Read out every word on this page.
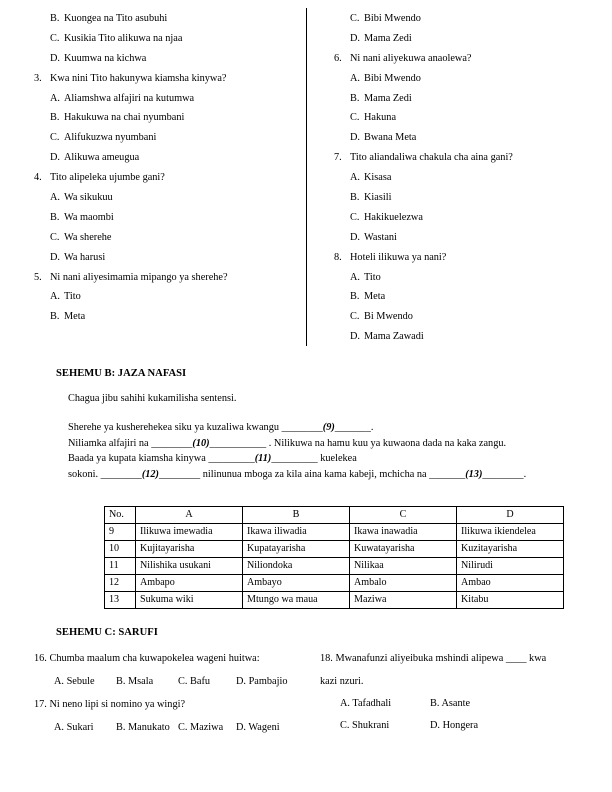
B. Kuongea na Tito asubuhi
C. Kusikia Tito alikuwa na njaa
D. Kuumwa na kichwa
3. Kwa nini Tito hakunywa kiamsha kinywa?
A. Aliamshwa alfajiri na kutumwa
B. Hakukuwa na chai nyumbani
C. Alifukuzwa nyumbani
D. Alikuwa ameugua
4. Tito alipeleka ujumbe gani?
A. Wa sikukuu
B. Wa maombi
C. Wa sherehe
D. Wa harusi
5. Ni nani aliyesimamia mipango ya sherehe?
A. Tito
B. Meta
C. Bibi Mwendo
D. Mama Zedi
6. Ni nani aliyekuwa anaolewa?
A. Bibi Mwendo
B. Mama Zedi
C. Hakuna
D. Bwana Meta
7. Tito aliandaliwa chakula cha aina gani?
A. Kisasa
B. Kiasili
C. Hakikuelezwa
D. Wastani
8. Hoteli ilikuwa ya nani?
A. Tito
B. Meta
C. Bi Mwendo
D. Mama Zawadi
SEHEMU B: JAZA NAFASI
Chagua jibu sahihi kukamilisha sentensi.
Sherehe ya kusherehekea siku ya kuzaliwa kwangu ________(9)_______.
Niliamka alfajiri na ________(10)___________ . Nilikuwa na hamu kuu ya kuwaona dada na kaka zangu.
Baada ya kupata kiamsha kinywa _________(11)_________ kuelekea
sokoni. ________(12)________ nilinunua mboga za kila aina kama kabeji, mchicha na _______(13)________.
No.	A	B	C	D
9	Ilikuwa imewadia	Ikawa iliwadia	Ikawa inawadia	Ilikuwa ikiendelea
10	Kujitayarisha	Kupatayarisha	Kuwatayarisha	Kuzitayarisha
11	Nilishika usukani	Niliondoka	Nilikaa	Nilirudi
12	Ambapo	Ambayo	Ambalo	Ambao
13	Sukuma wiki	Mtungo wa maua	Maziwa	Kitabu
SEHEMU C: SARUFI
16. Chumba maalum cha kuwapokelea wageni huitwa:
A. Sebule	B. Msala	C. Bafu	D. Pambajio
17. Ni neno lipi si nomino ya wingi?
A. Sukari	B. Manukato C. Maziwa	D. Wageni
18. Mwanafunzi aliyeibuka mshindi alipewa ____ kwa
kazi nzuri.
A. Tafadhali	B. Asante
C. Shukrani	D. Hongera
